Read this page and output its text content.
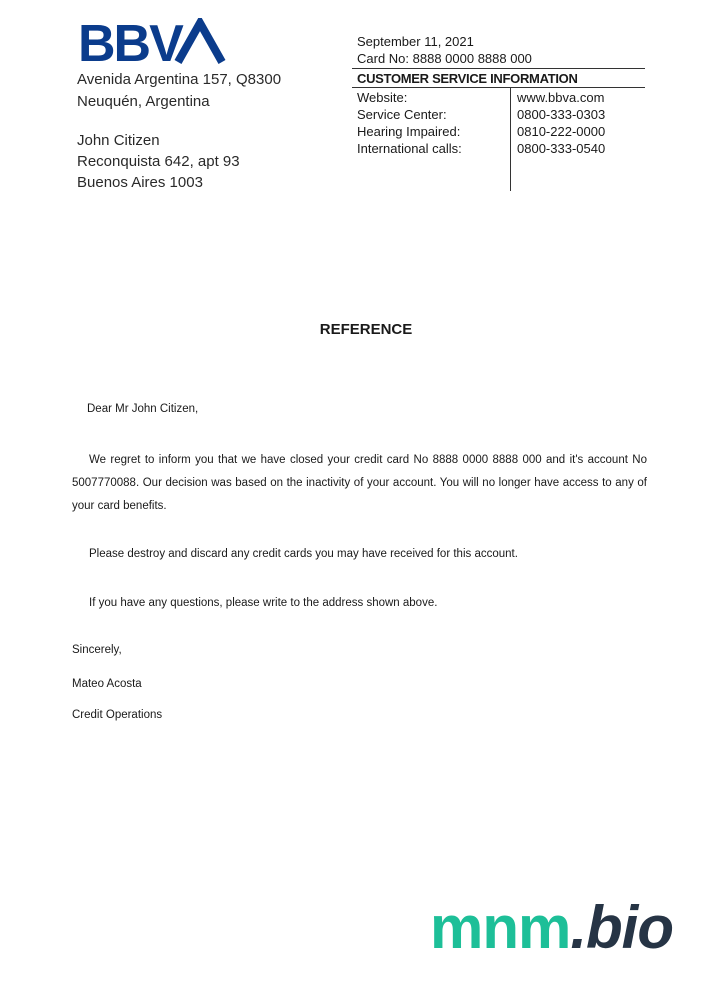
BBV
Avenida Argentina 157, Q8300
Neuquén, Argentina
John Citizen
Reconquista 642, apt 93
Buenos Aires 1003
September 11, 2021
Card No: 8888 0000 8888 000
CUSTOMER SERVICE INFORMATION
Website:	www.bbva.com
Service Center:	0800-333-0303
Hearing Impaired:	0810-222-0000
International calls:	0800-333-0540
REFERENCE
Dear Mr John Citizen,
We regret to inform you that we have closed your credit card No 8888 0000 8888 000 and it's account No 5007770088. Our decision was based on the inactivity of your account. You will no longer have access to any of your card benefits.
Please destroy and discard any credit cards you may have received for this account.
If you have any questions, please write to the address shown above.
Sincerely,
Mateo Acosta
Credit Operations
mnm.bio
